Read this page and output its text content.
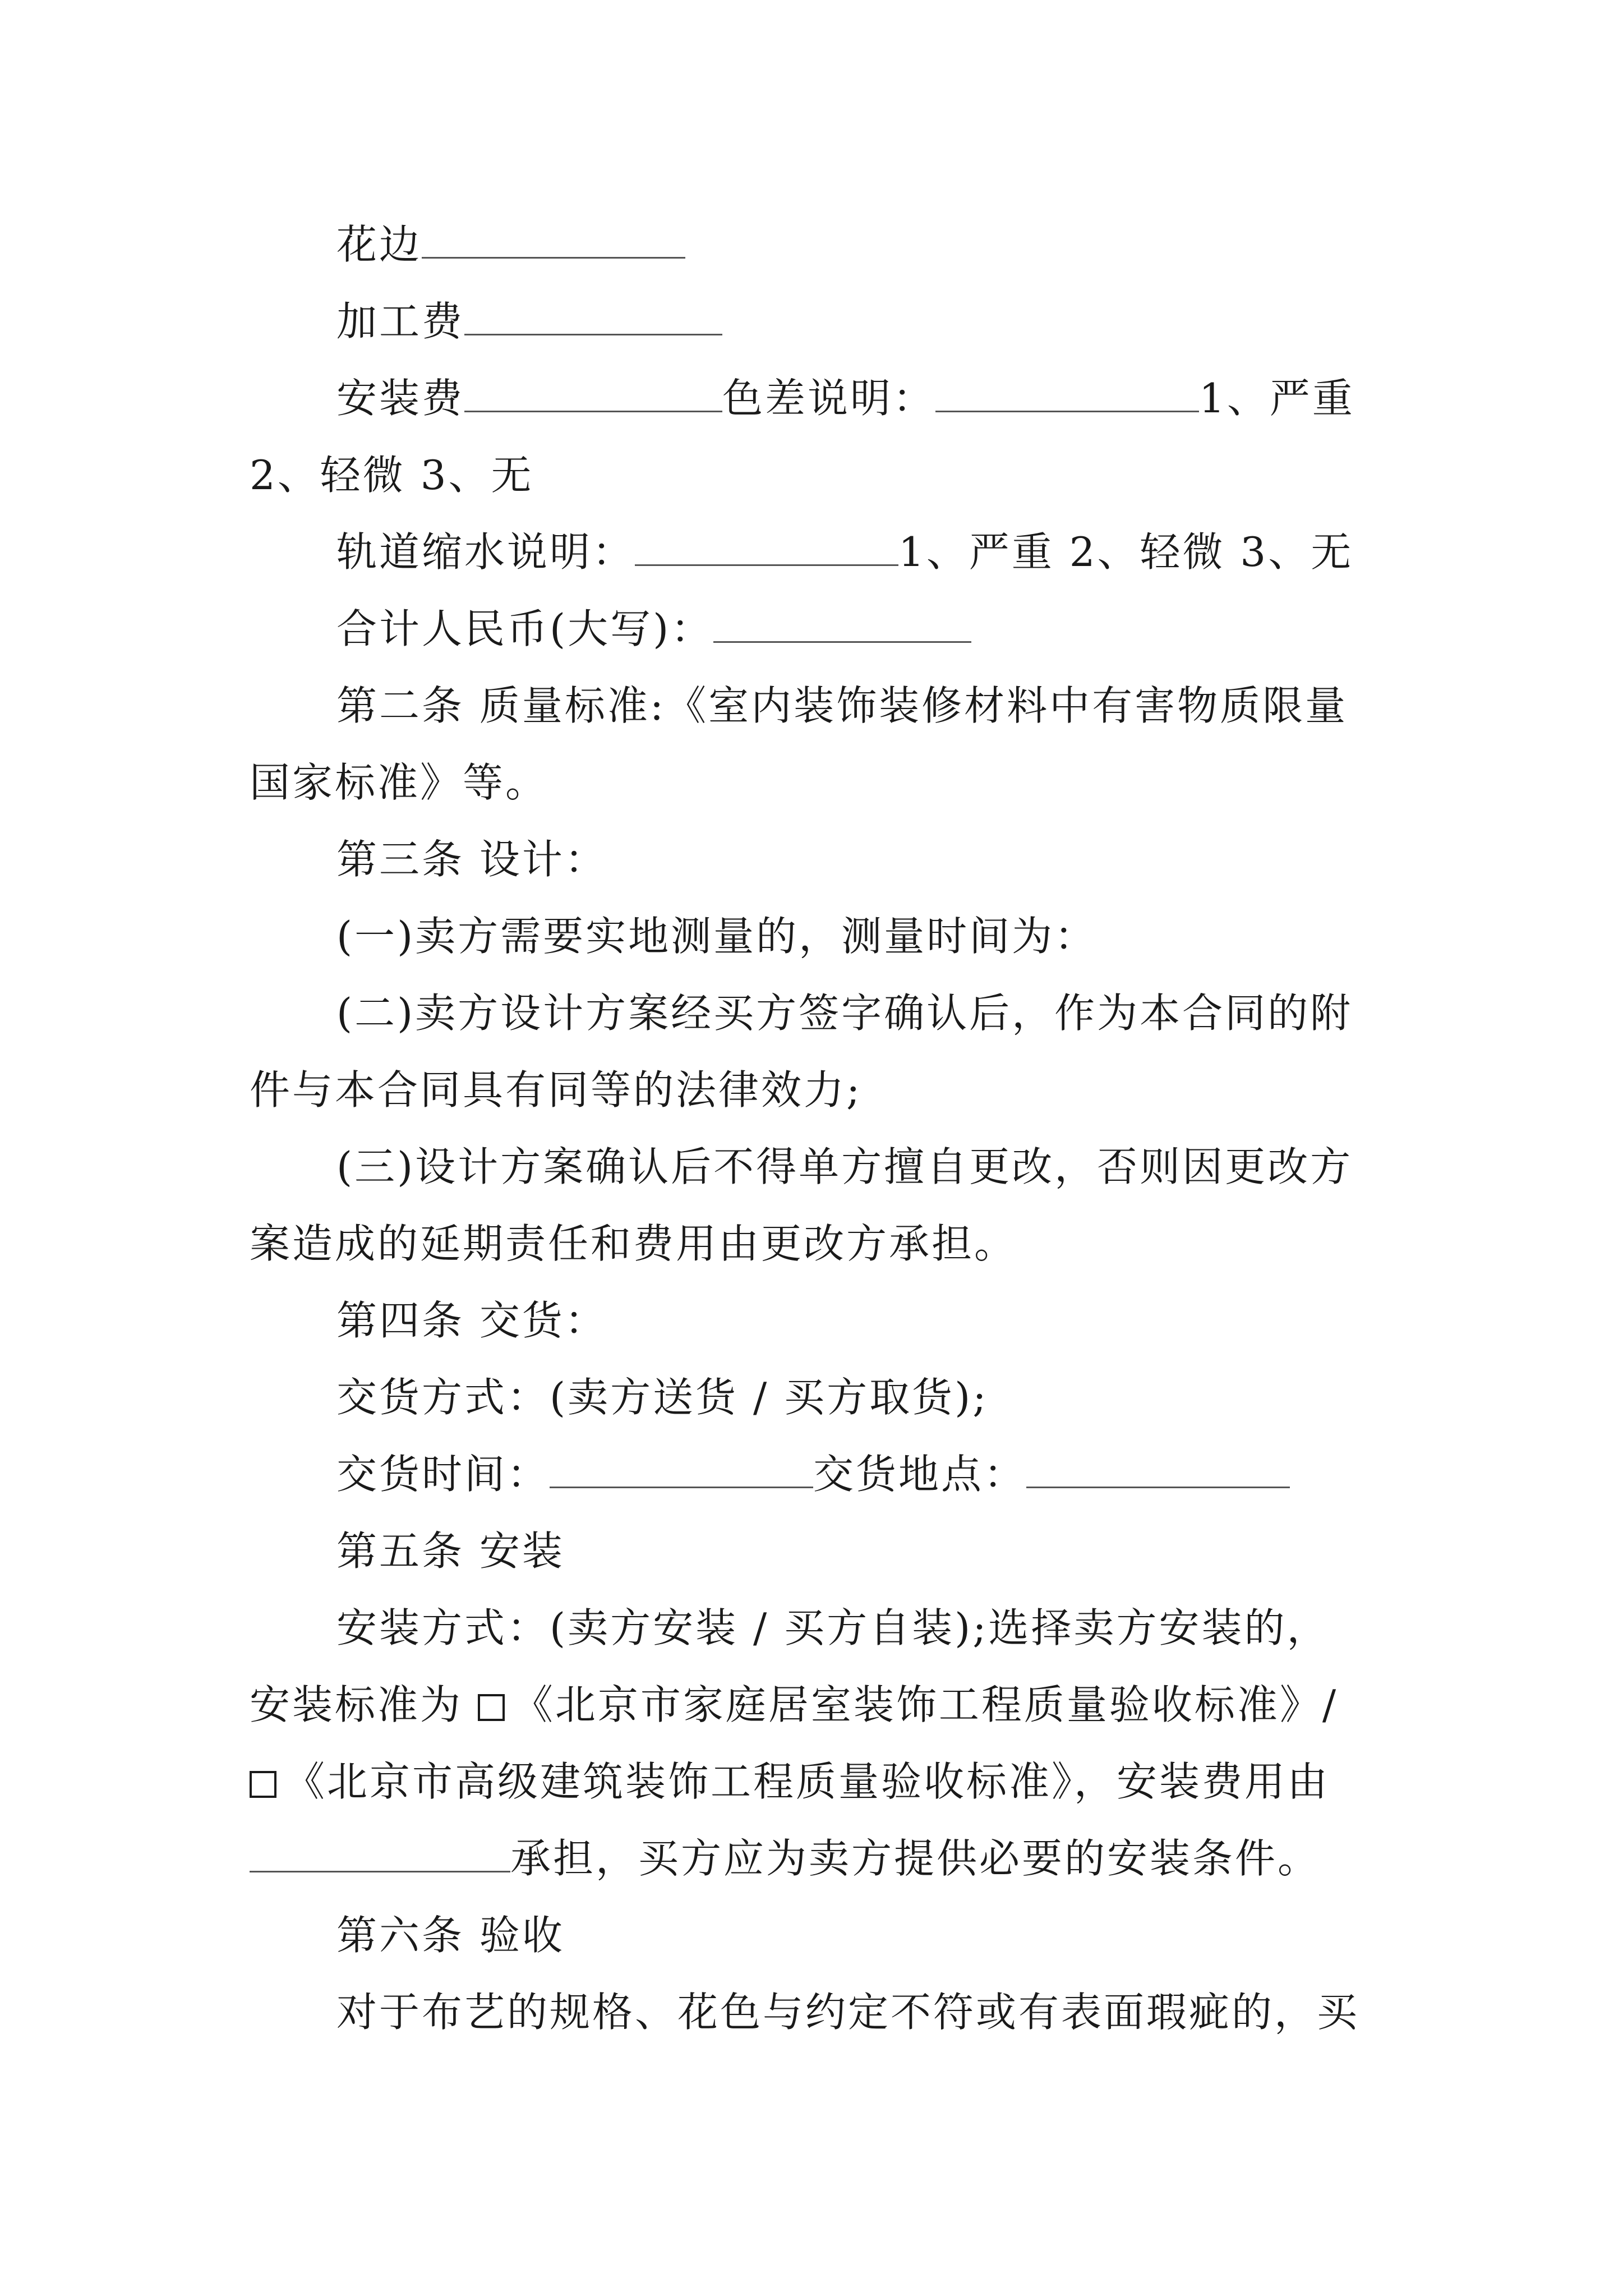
花边
加工费
安装费	色差说明：	1、严重
2、轻微 3、无
轨道缩水说明：	1、严重 2、轻微 3、无
合计人民币(大写)：
第二条 质量标准:《室内装饰装修材料中有害物质限量
国家标准》等。
第三条 设计：
(一)卖方需要实地测量的，测量时间为：
(二)卖方设计方案经买方签字确认后，作为本合同的附
件与本合同具有同等的法律效力;
(三)设计方案确认后不得单方擅自更改，否则因更改方
案造成的延期责任和费用由更改方承担。
第四条 交货：
交货方式：(卖方送货 / 买方取货);
交货时间：	交货地点：
第五条 安装
安装方式：(卖方安装 / 买方自装);选择卖方安装的，
安装标准为 《北京市家庭居室装饰工程质量验收标准》/
《北京市高级建筑装饰工程质量验收标准》，安装费用由
承担，买方应为卖方提供必要的安装条件。
第六条 验收
对于布艺的规格、花色与约定不符或有表面瑕疵的，买
